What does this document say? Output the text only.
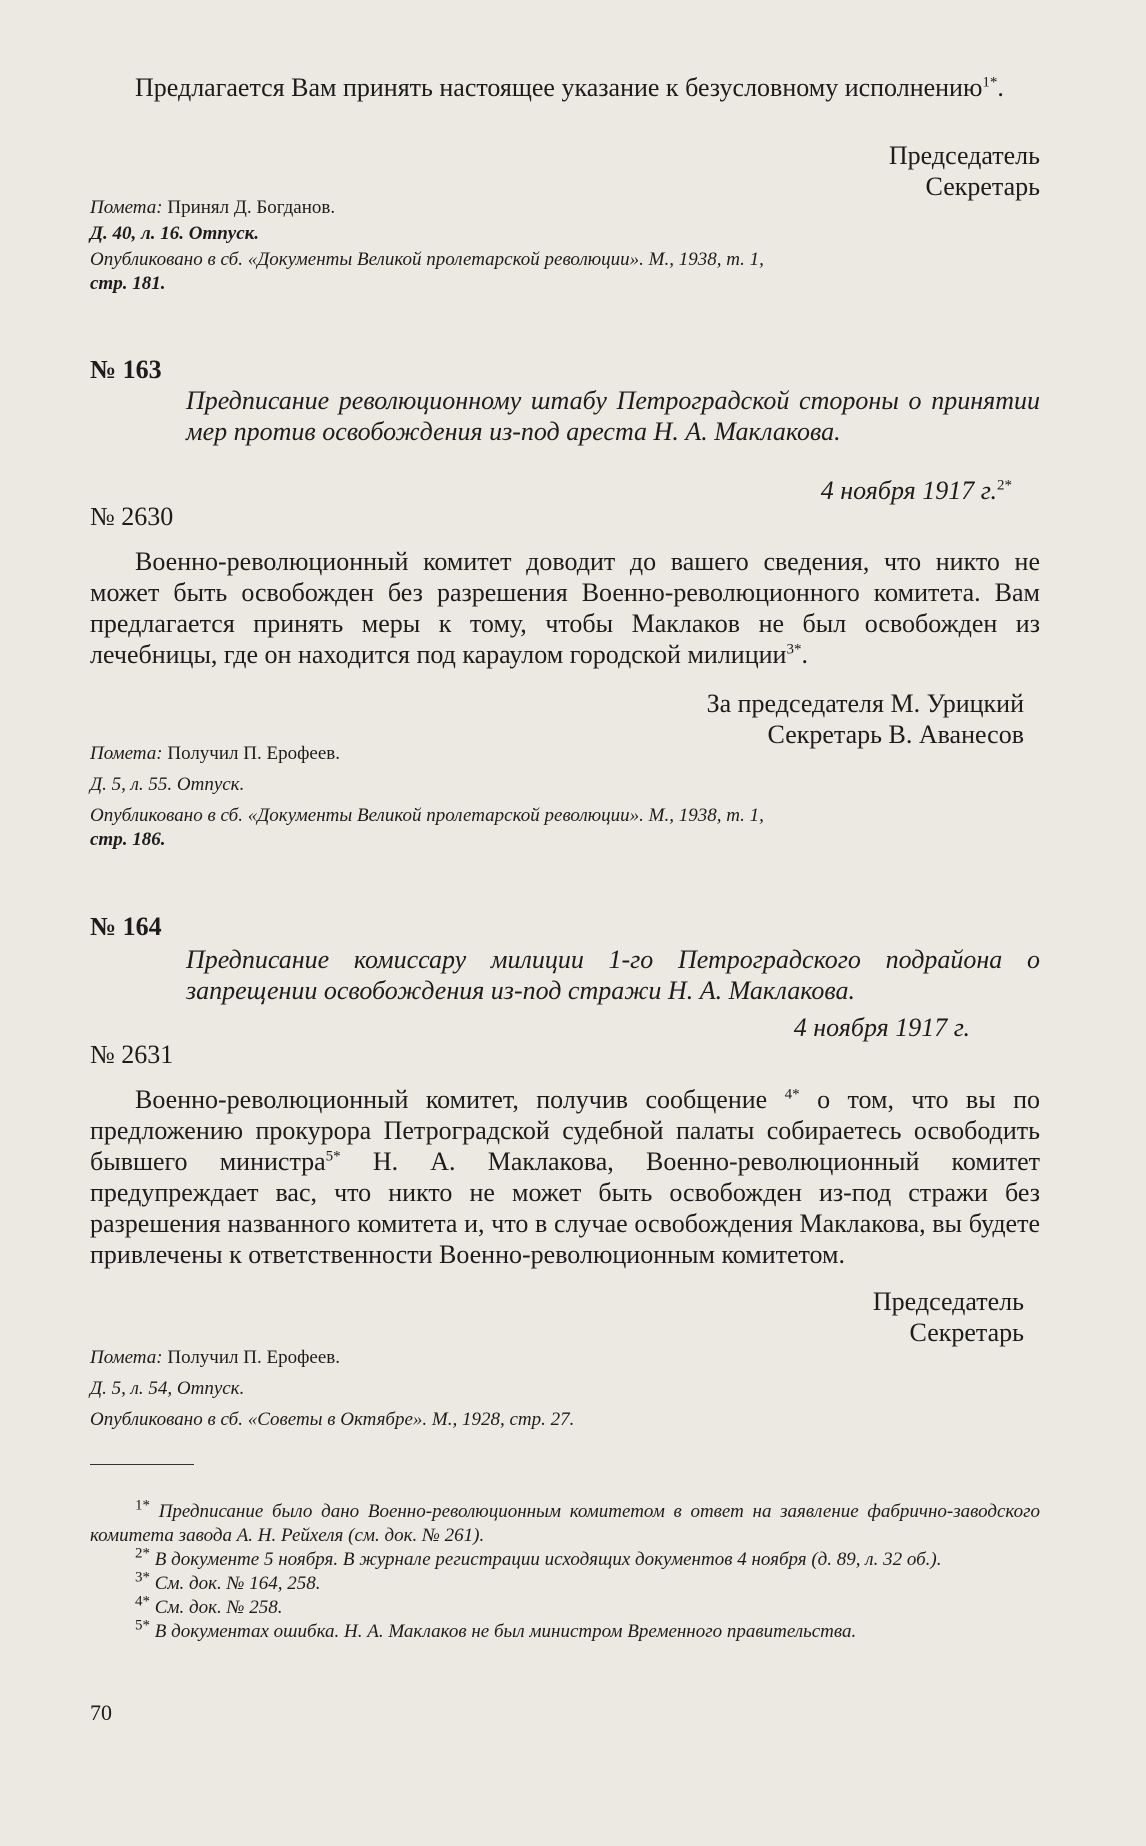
Предлагается Вам принять настоящее указание к безусловному исполнению$^{1*}$.

Председатель

Секретарь

Помета: Принял Д. Богданов.

Д. 40, л. 16. Отпуск.

Опубликовано в сб. «Документы Великой пролетарской революции». М., 1938, т. 1,
стр. 181.

№ 163

Предписание революционному штабу Петроградской стороны о принятии мер против освобождения из-под ареста Н. А. Маклакова.

4 ноября 1917 г.$^{2*}$

№ 2630

Военно-революционный комитет доводит до вашего сведения, что никто не может быть освобожден без разрешения Военно-революционного комитета. Вам предлагается принять меры к тому, чтобы Маклаков не был освобожден из лечебницы, где он находится под караулом городской милиции$^{3*}$.

За председателя М. Урицкий

Секретарь В. Аванесов

Помета: Получил П. Ерофеев.

Д. 5, л. 55. Отпуск.

Опубликовано в сб. «Документы Великой пролетарской революции». М., 1938, т. 1,
стр. 186.

№ 164

Предписание комиссару милиции 1-го Петроградского подрайона о запрещении освобождения из-под стражи Н. А. Маклакова.

4 ноября 1917 г.

№ 2631

Военно-революционный комитет, получив сообщение $^{4*}$ о том, что вы по предложению прокурора Петроградской судебной палаты собираетесь освободить бывшего министра$^{5*}$ Н. А. Маклакова, Военно-революционный комитет предупреждает вас, что никто не может быть освобожден из-под стражи без разрешения названного комитета и, что в случае освобождения Маклакова, вы будете привлечены к ответственности Военно-революционным комитетом.

Председатель

Секретарь

Помета: Получил П. Ерофеев.

Д. 5, л. 54, Отпуск.

Опубликовано в сб. «Советы в Октябре». М., 1928, стр. 27.

$^{1*}$ Предписание было дано Военно-революционным комитетом в ответ на заявление фабрично-заводского комитета завода А. Н. Рейхеля (см. док. № 261).

$^{2*}$ В документе 5 ноября. В журнале регистрации исходящих документов 4 ноября (д. 89, л. 32 об.).

$^{3*}$ См. док. № 164, 258.

$^{4*}$ См. док. № 258.

$^{5*}$ В документах ошибка. Н. А. Маклаков не был министром Временного правительства.

70
